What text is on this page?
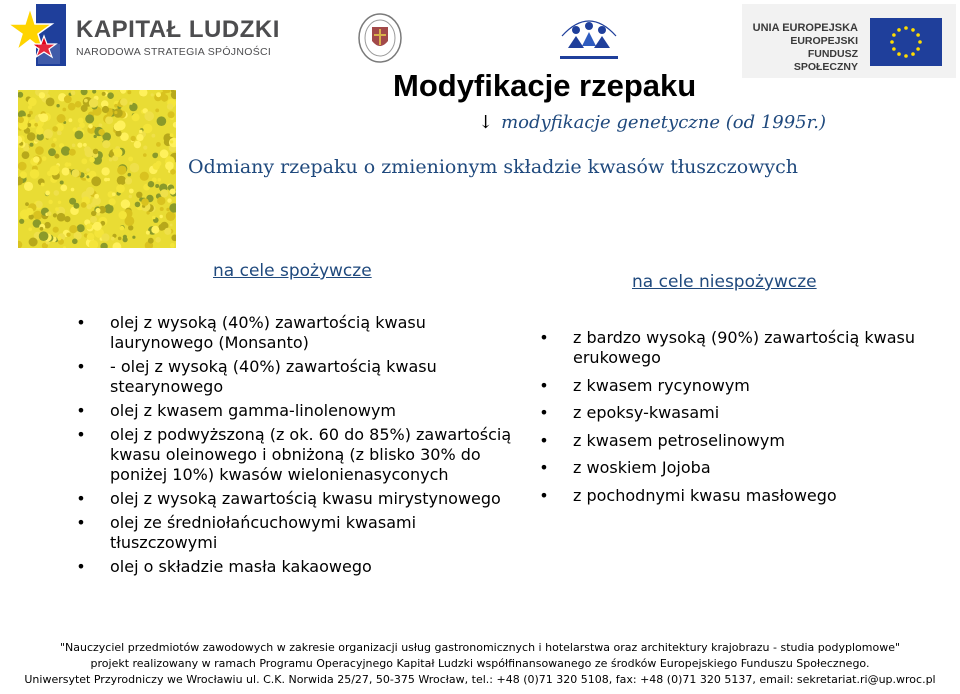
KAPITAŁ LUDZKI
NARODOWA STRATEGIA SPÓJNOŚCI
UNIA EUROPEJSKA
EUROPEJSKI
FUNDUSZ SPOŁECZNY
Modyfikacje rzepaku
↓ modyfikacje genetyczne (od 1995r.)
Odmiany rzepaku o zmienionym składzie kwasów tłuszczowych
na cele spożywcze
na cele niespożywcze
• olej z wysoką (40%) zawartością kwasu laurynowego (Monsanto)
• - olej z wysoką (40%) zawartością kwasu stearynowego
• olej z kwasem gamma-linolenowym
• olej z podwyższoną (z ok. 60 do 85%) zawartością kwasu oleinowego i obniżoną (z blisko 30% do poniżej 10%) kwasów wielonienasyconych
• olej z wysoką zawartością kwasu mirystynowego
• olej ze średniołańcuchowymi kwasami tłuszczowymi
• olej o składzie masła kakaowego
• z bardzo wysoką (90%) zawartością kwasu erukowego
• z kwasem rycynowym
• z epoksy-kwasami
• z kwasem petroselinowym
• z woskiem Jojoba
• z pochodnymi kwasu masłowego
"Nauczyciel przedmiotów zawodowych w zakresie organizacji usług gastronomicznych i hotelarstwa oraz architektury krajobrazu - studia podyplomowe"
projekt realizowany w ramach Programu Operacyjnego Kapitał Ludzki współfinansowanego ze środków Europejskiego Funduszu Społecznego.
Uniwersytet Przyrodniczy we Wrocławiu ul. C.K. Norwida 25/27, 50-375 Wrocław, tel.: +48 (0)71 320 5108, fax: +48 (0)71 320 5137, email: sekretariat.ri@up.wroc.pl
